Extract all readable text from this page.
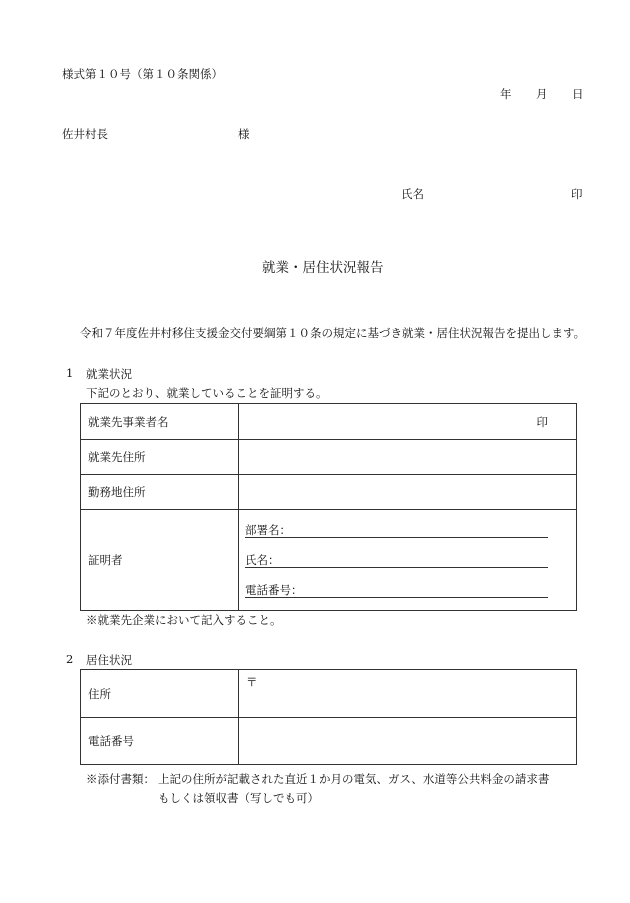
様式第１０号（第１０条関係）
年 月 日
佐井村長	様
氏名	印
就業・居住状況報告
令和７年度佐井村移住支援金交付要綱第１０条の規定に基づき就業・居住状況報告を提出します。
1 就業状況
下記のとおり、就業していることを証明する。
就業先事業者名	印
就業先住所	
勤務地住所	
証明者	部署名：
氏名：
電話番号：
※就業先企業において記入すること。
2 居住状況
住所	〒
電話番号	
※添付書類： 上記の住所が記載された直近１か月の電気、ガス、水道等公共料金の請求書
もしくは領収書（写しでも可）
